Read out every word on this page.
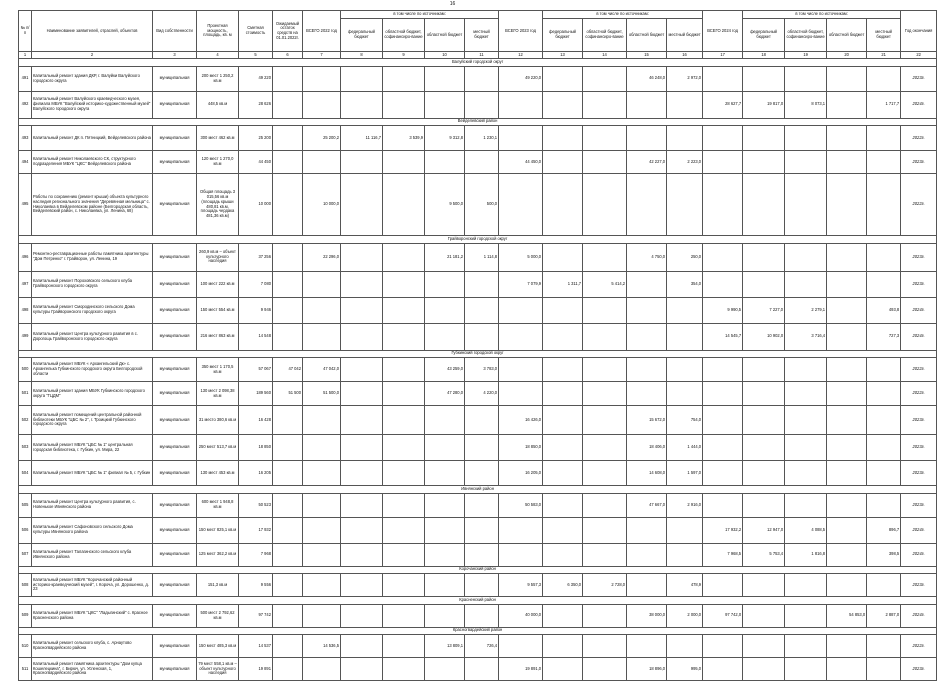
16
№ п/п	Наименование заявителей, отраслей, объектов	Вид собственности	Проектная мощность, площадь, кв. м	Сметная стоимость	Ожидаемый остаток средств на 01.01.2022г.	ВСЕГО 2022 год	в том числе по источникам:				ВСЕГО 2023 год	в том числе по источникам:				ВСЕГО 2024 год	в том числе по источникам:				Год окончания
							федеральный бюджет	областной бюджет, софинансиро-вание	областной бюджет	местный бюджет		федеральный бюджет	областной бюджет, софинансиро-вание	областной бюджет	местный бюджет		федеральный бюджет	областной бюджет, софинансиро-вание	областной бюджет	местный бюджет	
1	2	3	4	5	6	7	8	9	10	11	12	13	14	15	16	17	18	19	20	21	22
Валуйский городской округ																					
491	Капитальный ремонт здания ДКР, г. Валуйки Валуйского городского округа	муниципальная	200 мест 1 250,2 кв.м	49 220							49 220,0			46 248,0	2 972,0						2023г.
492	Капитальный ремонт Валуйского краеведческого музея, филиала МБУК "Валуйский историко-художественный музей" Валуйского городского округа	муниципальная	448,5 кв.м	28 626												28 627,7	19 817,0	8 073,1		1 717,7	2024г.
Вейделевский район																					
493	Капитальный ремонт ДК п. Пятницкий, Вейделевского района	муниципальная	300 мест 462 кв.м	25 200		25 200,2	11 116,7	3 539,9	9 312,8	1 230,1											2022г.
494	Капитальный ремонт Николаевского СК, структурного подразделения МБУК "ЦКС" Вейделевского района	муниципальная	120 мест 1 270,0 кв.м	44 450							44 450,0			42 227,0	2 223,0						2023г.
495	Работы по сохранению (ремонт крыши) объекта культурного наследия регионального значения "Деревянная мельница" с. Николаевка в Вейделевском районе (Белгородская область, Вейделевский район, с. Николаевка, ул. Ленина, 68)	муниципальная	Общая площадь 3 015,56 кв.м (площадь крыши 480,81 кв.м, площадь чердака 481,36 кв.м)	10 000		10 000,0			9 500,0	500,0											2022г.
Грайворонский городской округ																					
496	Ремонтно-реставрационные работы памятника архитектуры "Дом Петренко" г. Грайворон, ул. Ленина, 19	муниципальная	260,9 кв.м – объект культурного наследия	37 256		22 296,0			21 181,2	1 114,8	5 000,0			4 750,0	250,0						2023г.
497	Капитальный ремонт Пороховского сельского клуба Грайворонского городского округа	муниципальная	100 мест 222 кв.м	7 080							7 079,9	1 311,7	5 414,2		354,0						2023г.
498	Капитальный ремонт Смородинского сельского Дома культуры Грайворонского городского округа	муниципальная	150 мест 554 кв.м	9 946												9 990,5	7 227,0	2 279,1		493,8	2024г.
499	Капитальный ремонт Центра культурного развития в с. Дорогощь Грайворонского городского округа	муниципальная	216 мест 863 кв.м	14 548												14 545,7	10 902,0	3 716,4		727,3	2024г.
Губкинский городской округ																					
500	Капитальный ремонт МБУК « Архангельский Дк» с. Архангелька Губкинского городского округа Белгородской области	муниципальная	350 мест 1 170,5 кв.м	57 067	47 042	47 042,0			43 259,0	3 783,0											2022г.
501	Капитальный ремонт здания МБУК Губкинского городского округа "ГЦДМ"	муниципальная	130 мест 2 098,38 кв.м	189 560	51 500	51 500,0			47 280,0	4 220,0											2022г.
502	Капитальный ремонт помещений центральной районной библиотеки МБУК "ЦБС № 2", г. Троицкий Губкинского городского округа	муниципальная	31 место 380,6 кв.м	16 428							16 426,0			15 672,0	754,0						2023г.
503	Капитальный ремонт МБУК "ЦБС № 1" центральная городская библиотека, г. Губкин, ул. Мира, 22	муниципальная	250 мест 513,7 кв.м	18 850							18 850,0			18 406,0	1 444,0						2023г.
504	Капитальный ремонт МБУК "ЦБС № 1" филиал № 5, г. Губкин	муниципальная	130 мест 453 кв.м	16 205							16 205,0			14 608,0	1 597,0						2023г.
Ивнянский район																					
505	Капитальный ремонт Центра культурного развития, с. Новенькое Ивнянского района	муниципальная	600 мест 1 948,8 кв.м	50 523							50 583,0			47 667,0	2 916,0						2023г.
506	Капитальный ремонт Сафоновского сельского Дома культуры Ивнянского района	муниципальная	150 мест 825,1 кв.м	17 932												17 932,2	12 947,0	4 088,5		896,7	2024г.
507	Капитальный ремонт Талагинского сельского клуба Ивнянского района	муниципальная	125 мест 362,2 кв.м	7 968												7 968,5	5 753,4	1 816,8		398,5	2024г.
Корочанский район																					
508	Капитальный ремонт МБУК "Корочанский районный историко-краеведческий музей", г. Короча, ул. Дорошенко, д. 23	муниципальная	151,3 кв.м	9 556							9 557,3	6 350,0	2 728,0		478,9						2023г.
Красненский район																					
509	Капитальный ремонт МБУК "ЦКС" "Ладыгинский" с. Красное Красненского района	муниципальная	500 мест 2 792,62 кв.м	97 742							40 000,0			38 000,0	2 000,0	97 742,0			54 853,0	2 887,0	2024г.
Красногвардейский район																					
510	Капитальный ремонт сельского клуба, с. Арнаутово Красногвардейского района	муниципальная	150 мест 485,3 кв.м	14 537		14 536,5			13 809,1	726,4											2022г.
511	Капитальный ремонт памятника архитектуры "Дом купца Кошелецкина", г. Бирюч, ул. Успенская, 1, Красногвардейского района	муниципальная	79 мест 558,1 кв.м – объект культурного наследия	19 891							19 891,0			18 896,0	995,0						2023г.
